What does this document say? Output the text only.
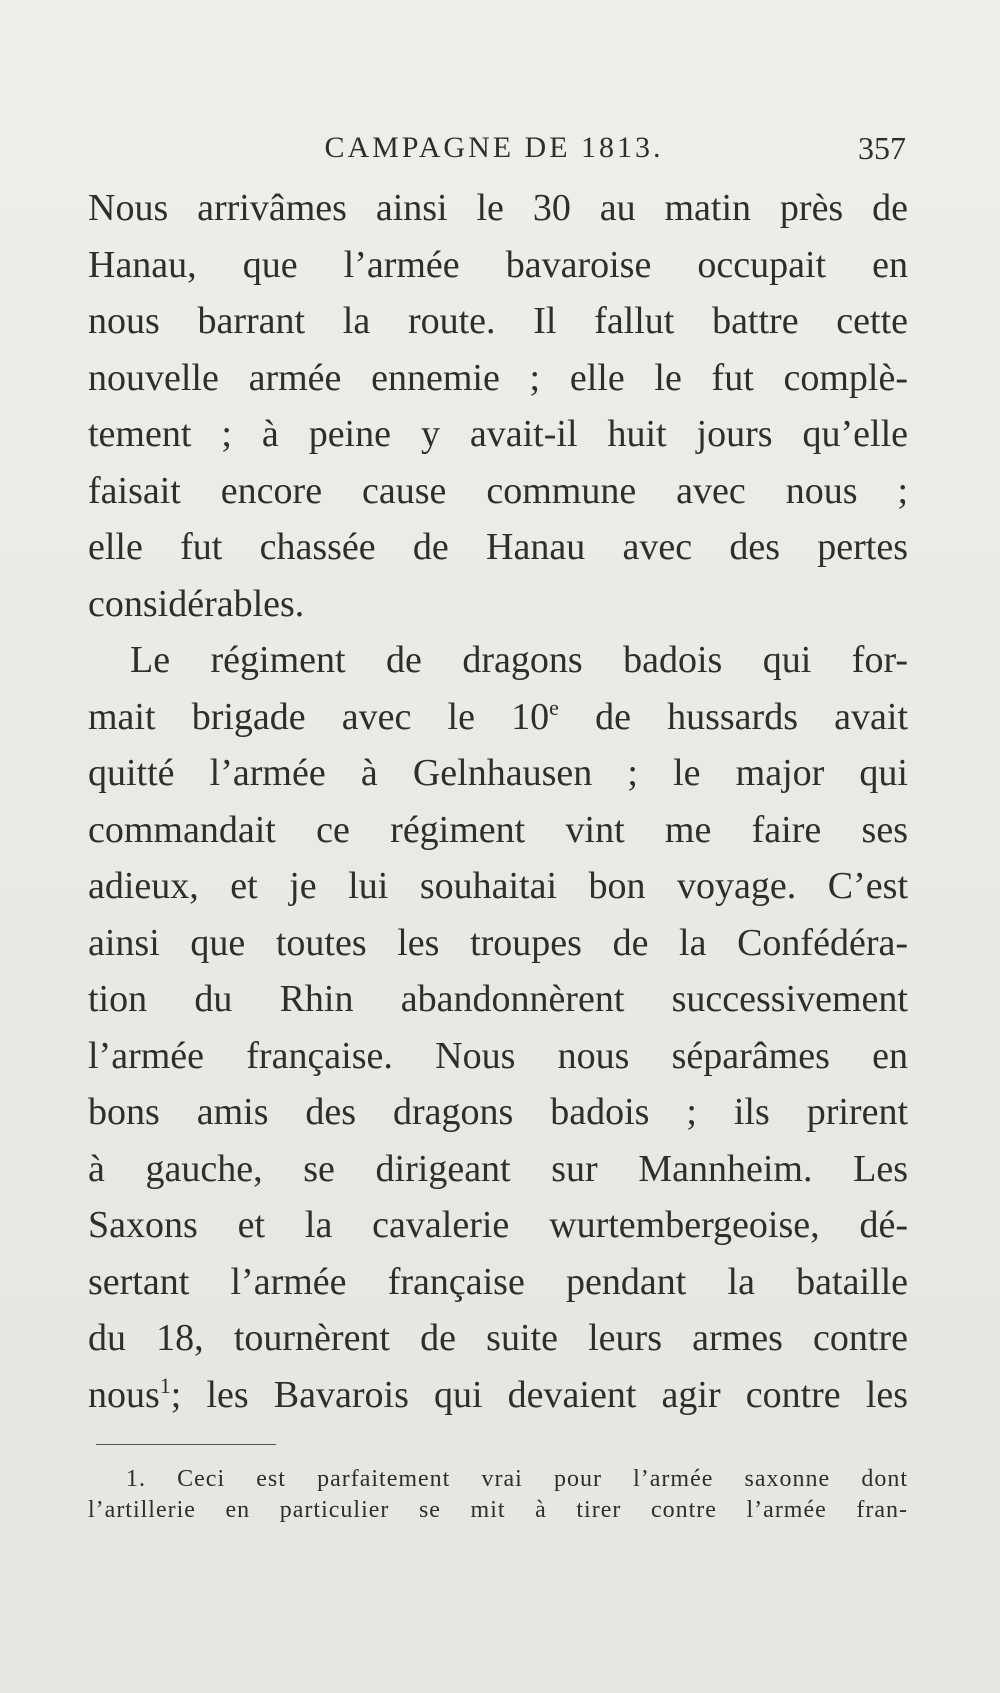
CAMPAGNE DE 1813.	357
Nous arrivâmes ainsi le 30 au matin près de
Hanau, que l’armée bavaroise occupait en
nous barrant la route. Il fallut battre cette
nouvelle armée ennemie ; elle le fut complè-
tement ; à peine y avait-il huit jours qu’elle
faisait encore cause commune avec nous ;
elle fut chassée de Hanau avec des pertes
considérables.
Le régiment de dragons badois qui for-
mait brigade avec le 10e de hussards avait
quitté l’armée à Gelnhausen ; le major qui
commandait ce régiment vint me faire ses
adieux, et je lui souhaitai bon voyage. C’est
ainsi que toutes les troupes de la Confédéra-
tion du Rhin abandonnèrent successivement
l’armée française. Nous nous séparâmes en
bons amis des dragons badois ; ils prirent
à gauche, se dirigeant sur Mannheim. Les
Saxons et la cavalerie wurtembergeoise, dé-
sertant l’armée française pendant la bataille
du 18, tournèrent de suite leurs armes contre
nous$^1$; les Bavarois qui devaient agir contre les
1. Ceci est parfaitement vrai pour l’armée saxonne dont
l’artillerie en particulier se mit à tirer contre l’armée fran-
